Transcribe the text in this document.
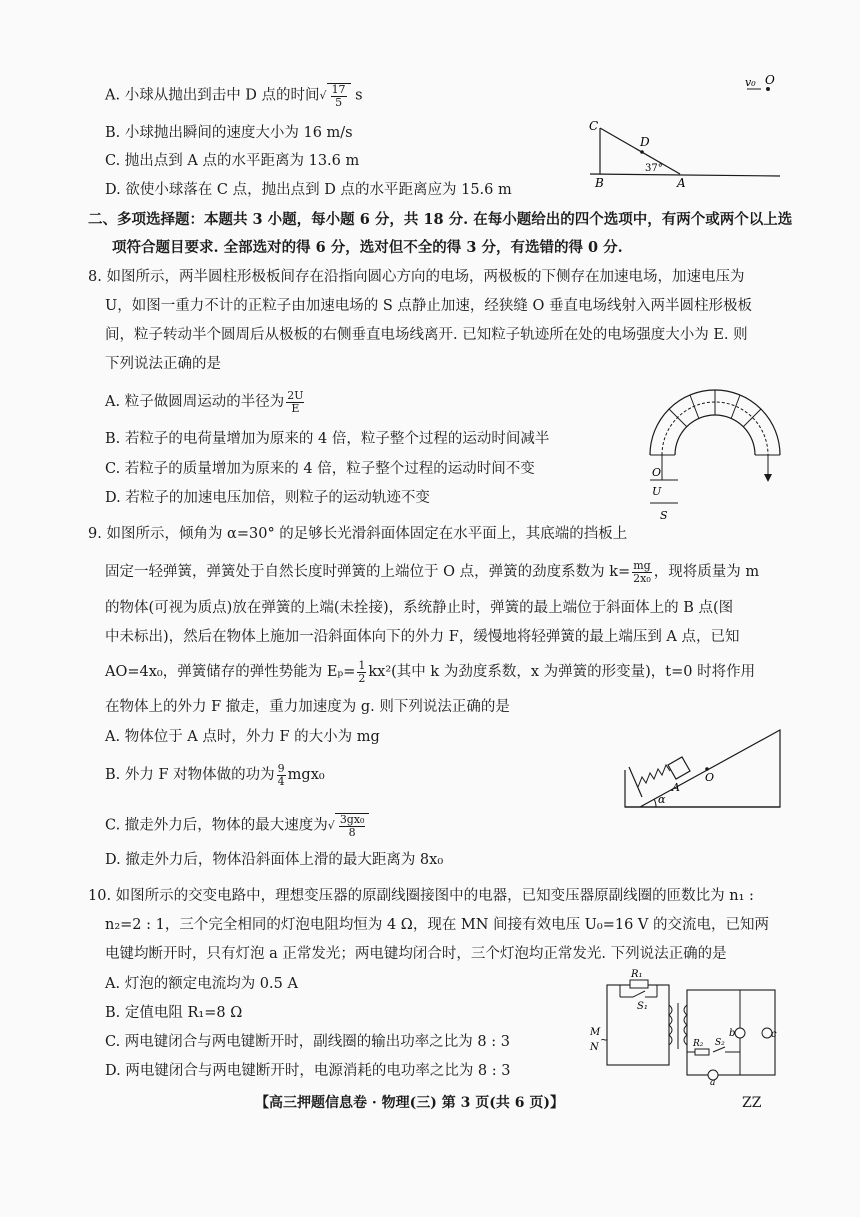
A. 小球从抛出到击中 D 点的时间√ $\frac{17}{5}$ s
B. 小球抛出瞬间的速度大小为 16 m/s
C. 抛出点到 A 点的水平距离为 13.6 m
D. 欲使小球落在 C 点，抛出点到 D 点的水平距离应为 15.6 m
v₀ O
C
D
37°
B	A
二、多项选择题：本题共 3 小题，每小题 6 分，共 18 分. 在每小题给出的四个选项中，有两个或两个以上选
项符合题目要求. 全部选对的得 6 分，选对但不全的得 3 分，有选错的得 0 分.
8. 如图所示，两半圆柱形极板间存在沿指向圆心方向的电场，两极板的下侧存在加速电场，加速电压为
U，如图一重力不计的正粒子由加速电场的 S 点静止加速，经狭缝 O 垂直电场线射入两半圆柱形极板
间，粒子转动半个圆周后从极板的右侧垂直电场线离开. 已知粒子轨迹所在处的电场强度大小为 E. 则
下列说法正确的是
A. 粒子做圆周运动的半径为 $\frac{2U}{E}$
B. 若粒子的电荷量增加为原来的 4 倍，粒子整个过程的运动时间减半
C. 若粒子的质量增加为原来的 4 倍，粒子整个过程的运动时间不变
D. 若粒子的加速电压加倍，则粒子的运动轨迹不变
O
U
S
9. 如图所示，倾角为 α=30° 的足够长光滑斜面体固定在水平面上，其底端的挡板上
固定一轻弹簧，弹簧处于自然长度时弹簧的上端位于 O 点，弹簧的劲度系数为 $k= \frac{mg}{\text{2x₀}}$ ，现将质量为 m
的物体(可视为质点)放在弹簧的上端(未拴接)，系统静止时，弹簧的最上端位于斜面体上的 B 点(图
中未标出)，然后在物体上施加一沿斜面体向下的外力 F，缓慢地将轻弹簧的最上端压到 A 点，已知
AO=4x₀，弹簧储存的弹性势能为 $E_p= \frac{1}{2} kx^2$(其中 k 为劲度系数，x 为弹簧的形变量)，t=0 时将作用
在物体上的外力 F 撤走，重力加速度为 g. 则下列说法正确的是
A. 物体位于 A 点时，外力 F 的大小为 mg
B. 外力 F 对物体做的功为 $\frac{9}{4} mgx_0$
C. 撤走外力后，物体的最大速度为√ $\frac{\text{3gx₀}}{8}$
D. 撤走外力后，物体沿斜面体上滑的最大距离为 8x₀
O
A
α
10. 如图所示的交变电路中，理想变压器的原副线圈接图中的电器，已知变压器原副线圈的匝数比为 n₁ :
n₂=2 : 1，三个完全相同的灯泡电阻均恒为 4 Ω，现在 MN 间接有效电压 U₀=16 V 的交流电，已知两
电键均断开时，只有灯泡 a 正常发光；两电键均闭合时，三个灯泡均正常发光. 下列说法正确的是
A. 灯泡的额定电流均为 0.5 A
B. 定值电阻 R₁=8 Ω
C. 两电键闭合与两电键断开时，副线圈的输出功率之比为 8 : 3
D. 两电键闭合与两电键断开时，电源消耗的电功率之比为 8 : 3
R₁
S₁
M
N
~
b	c
R₂ S₂
a
【高三押题信息卷 · 物理(三) 第 3 页(共 6 页)】	ZZ
